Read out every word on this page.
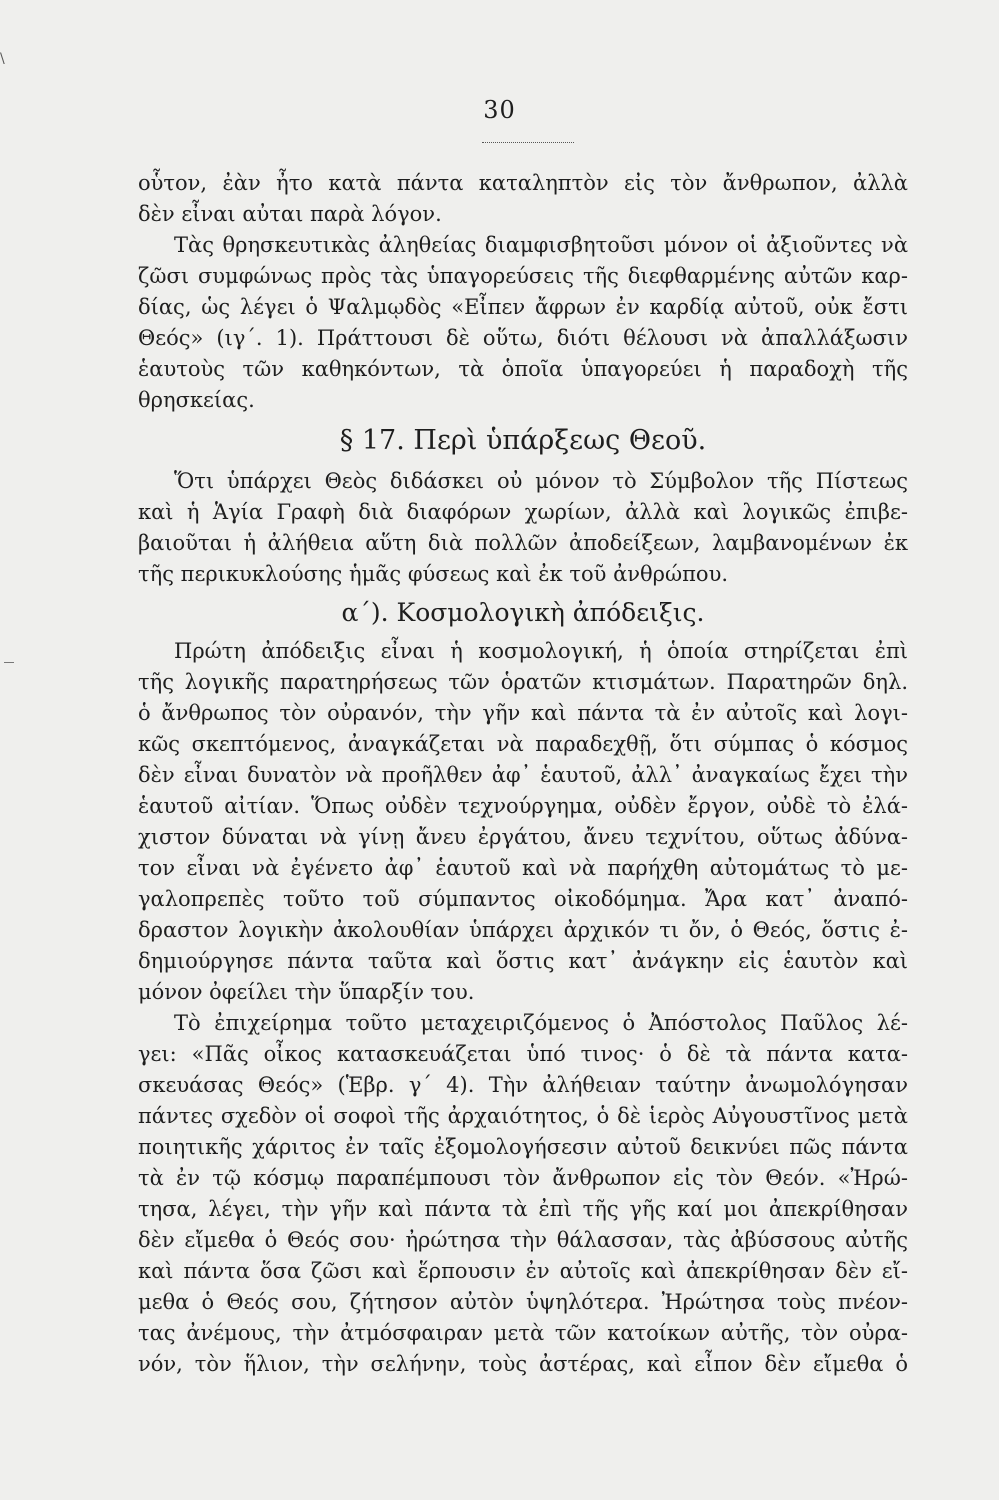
\
30
οὗτον, ἐὰν ἦτο κατὰ πάντα καταληπτὸν εἰς τὸν ἄνθρωπον, ἀλλὰ
δὲν εἶναι αὐται παρὰ λόγον.
Τὰς θρησκευτικὰς ἀληθείας διαμφισβητοῦσι μόνον οἱ ἀξιοῦντες νὰ
ζῶσι συμφώνως πρὸς τὰς ὑπαγορεύσεις τῆς διεφθαρμένης αὐτῶν καρ-
δίας, ὡς λέγει ὁ Ψαλμῳδὸς «Εἶπεν ἄφρων ἐν καρδίᾳ αὐτοῦ, οὐκ ἔστι
Θεός» (ιγ΄. 1). Πράττουσι δὲ οὕτω, διότι θέλουσι νὰ ἀπαλλάξωσιν
ἑαυτοὺς τῶν καθηκόντων, τὰ ὁποῖα ὑπαγορεύει ἡ παραδοχὴ τῆς
θρησκείας.
§ 17. Περὶ ὑπάρξεως Θεοῦ.
Ὅτι ὑπάρχει Θεὸς διδάσκει οὐ μόνον τὸ Σύμβολον τῆς Πίστεως
καὶ ἡ Ἁγία Γραφὴ διὰ διαφόρων χωρίων, ἀλλὰ καὶ λογικῶς ἐπιβε-
βαιοῦται ἡ ἀλήθεια αὕτη διὰ πολλῶν ἀποδείξεων, λαμβανομένων ἐκ
τῆς περικυκλούσης ἡμᾶς φύσεως καὶ ἐκ τοῦ ἀνθρώπου.
α΄). Κοσμολογικὴ ἀπόδειξις.
Πρώτη ἀπόδειξις εἶναι ἡ κοσμολογική, ἡ ὁποία στηρίζεται ἐπὶ
τῆς λογικῆς παρατηρήσεως τῶν ὁρατῶν κτισμάτων. Παρατηρῶν δηλ.
ὁ ἄνθρωπος τὸν οὐρανόν, τὴν γῆν καὶ πάντα τὰ ἐν αὐτοῖς καὶ λογι-
κῶς σκεπτόμενος, ἀναγκάζεται νὰ παραδεχθῇ, ὅτι σύμπας ὁ κόσμος
δὲν εἶναι δυνατὸν νὰ προῆλθεν ἀφ᾽ ἑαυτοῦ, ἀλλ᾽ ἀναγκαίως ἔχει τὴν
ἑαυτοῦ αἰτίαν. Ὅπως οὐδὲν τεχνούργημα, οὐδὲν ἔργον, οὐδὲ τὸ ἐλά-
χιστον δύναται νὰ γίνῃ ἄνευ ἐργάτου, ἄνευ τεχνίτου, οὕτως ἀδύνα-
τον εἶναι νὰ ἐγένετο ἀφ᾽ ἑαυτοῦ καὶ νὰ παρήχθη αὐτομάτως τὸ με-
γαλοπρεπὲς τοῦτο τοῦ σύμπαντος οἰκοδόμημα. Ἄρα κατ᾽ ἀναπό-
δραστον λογικὴν ἀκολουθίαν ὑπάρχει ἀρχικόν τι ὄν, ὁ Θεός, ὅστις ἐ-
δημιούργησε πάντα ταῦτα καὶ ὅστις κατ᾽ ἀνάγκην εἰς ἑαυτὸν καὶ
μόνον ὀφείλει τὴν ὕπαρξίν του.
Τὸ ἐπιχείρημα τοῦτο μεταχειριζόμενος ὁ Ἀπόστολος Παῦλος λέ-
γει: «Πᾶς οἶκος κατασκευάζεται ὑπό τινος· ὁ δὲ τὰ πάντα κατα-
σκευάσας Θεός» (Ἑβρ. γ΄ 4). Τὴν ἀλήθειαν ταύτην ἀνωμολόγησαν
πάντες σχεδὸν οἱ σοφοὶ τῆς ἀρχαιότητος, ὁ δὲ ἱερὸς Αὐγουστῖνος μετὰ
ποιητικῆς χάριτος ἐν ταῖς ἐξομολογήσεσιν αὐτοῦ δεικνύει πῶς πάντα
τὰ ἐν τῷ κόσμῳ παραπέμπουσι τὸν ἄνθρωπον εἰς τὸν Θεόν. «Ἠρώ-
τησα, λέγει, τὴν γῆν καὶ πάντα τὰ ἐπὶ τῆς γῆς καί μοι ἀπεκρίθησαν
δὲν εἴμεθα ὁ Θεός σου· ἠρώτησα τὴν θάλασσαν, τὰς ἀβύσσους αὐτῆς
καὶ πάντα ὅσα ζῶσι καὶ ἕρπουσιν ἐν αὐτοῖς καὶ ἀπεκρίθησαν δὲν εἴ-
μεθα ὁ Θεός σου, ζήτησον αὐτὸν ὑψηλότερα. Ἠρώτησα τοὺς πνέον-
τας ἀνέμους, τὴν ἀτμόσφαιραν μετὰ τῶν κατοίκων αὐτῆς, τὸν οὐρα-
νόν, τὸν ἥλιον, τὴν σελήνην, τοὺς ἀστέρας, καὶ εἶπον δὲν εἴμεθα ὁ
